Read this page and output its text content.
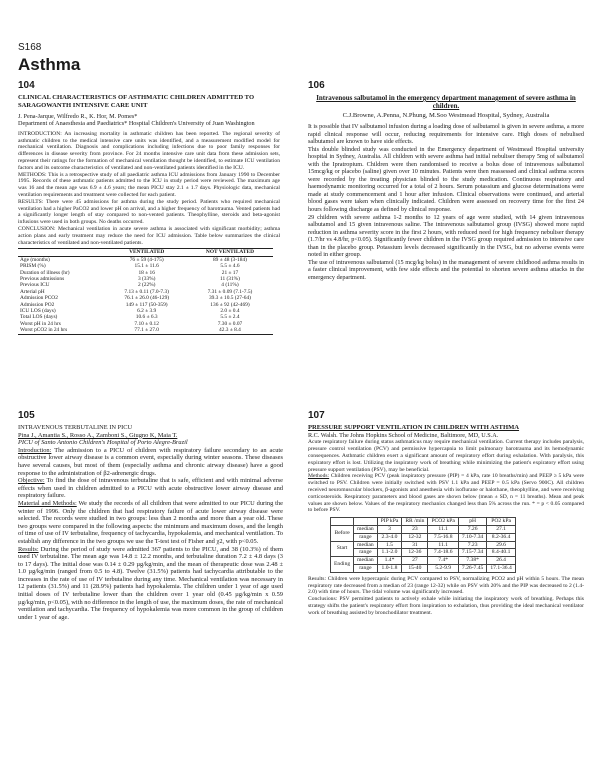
S168
Asthma
104
CLINICAL CHARACTERISTICS OF ASTHMATIC CHILDREN ADMITTED TO SARAGOWANTH INTENSIVE CARE UNIT
J. Pena-Jarque, Wilfredo R., K. Hor, M. Pomes*
Department of Anaesthesia and Paediatrics* Hospital Children's University of Juan Washington

INTRODUCTION: An increasing mortality in asthmatic children has been reported. The regional severity of asthmatic children to the medical intensive care units was identified, and a measurement modified model for mechanical ventilation. Diagnosis and complications including infections due to poor family responses for differences in disease severity from province. For 24 months intensive care unit data from these admission sets, represent their ratings for the formation of mechanical ventilation thought be identified, to estimate ICU ventilation factors and its outcome characteristics of ventilated and non-ventilated patients identified in the ICU.

METHODS: This is a retrospective study of all paediatric asthma ICU admissions from January 1990 to December 1995. Records of these asthmatic patients admitted to the ICU in study period were reviewed. The maximum age was 16 and the mean age was 6.9 ± 4.6 years; the mean PICU stay 2.1 ± 1.7 days. Physiologic data, mechanical ventilation requirements and treatment were collected for each patient.

RESULTS: There were 45 admissions for asthma during the study period. Patients who required mechanical ventilation had a higher PaCO2 and lower pH on arrival, and a higher frequency of barotrauma. Vented patients had a significantly longer length of stay compared to non-vented patients. Theophylline, steroids and beta-agonist infusions were used in both groups. No deaths occurred.

CONCLUSION: Mechanical ventilation in acute severe asthma is associated with significant morbidity; asthma action plans and early treatment may reduce the need for ICU admission. Table below summarizes the clinical characteristics of ventilated and non-ventilated patients.

	VENTILATED	NOT VENTILATED
Age (months)	76 ± 59 (4-175)	89 ± 48 (3-184)
PRISM (%)	15.1 ± 11.6	5.5 ± 4.6
Duration of illness (hr)	18 ± 16	21 ± 17
Previous admissions	3 (33%)	11 (31%)
Previous ICU	2 (22%)	4 (11%)
Arterial pH	7.13 ± 0.11 (7.0-7.3)	7.31 ± 0.09 (7.1-7.5)
Admission PCO2	76.1 ± 26.0 (46-129)	39.3 ± 10.5 (27-64)
Admission PO2	149 ± 117 (50-359)	136 ± 92 (42-469)
ICU LOS (days)	6.2 ± 3.9	2.0 ± 0.4
Total LOS (days)	10.6 ± 6.3	5.5 ± 2.4
Worst pH in 24 hrs	7.10 ± 0.12	7.30 ± 0.07
Worst pCO2 in 24 hrs	77.1 ± 27.0	42.3 ± 8.4
106
Intravenous salbutamol in the emergency department management of severe asthma in children.
C.J.Browne, A.Penna, N.Phung, M.Soo Westmead Hospital, Sydney, Australia

It is possible that IV salbutamol infusion during a loading dose of salbutamol is given in severe asthma, a more rapid clinical response will occur, reducing requirements for intensive care. High doses of nebulised salbutamol are known to have side effects.

This double blinded study was conducted in the Emergency department of Westmead Hospital university hospital in Sydney, Australia. All children with severe asthma had initial nebuliser therapy 5mg of salbutamol with the Ipratropium. Children were then randomised to receive a bolus dose of intravenous salbutamol 15mcg/kg or placebo (saline) given over 10 minutes. Patients were then reassessed and clinical asthma scores were recorded by the treating physician blinded to the study medication. Continuous respiratory and haemodynamic monitoring occurred for a total of 2 hours. Serum potassium and glucose determinations were made at study commencement and 1 hour after infusion. Clinical observations were continued, and arterial blood gases were taken when clinically indicated. Children were assessed on recovery time for the first 24 hours following discharge as defined by clinical response.

29 children with severe asthma 1-2 months to 12 years of age were studied, with 14 given intravenous salbutamol and 15 given intravenous saline. The intravenous salbutamol group (IVSG) showed more rapid reduction in asthma severity score in the first 2 hours, with reduced need for high frequency nebuliser therapy (1.7/hr vs 4.8/hr, p<0.05). Significantly fewer children in the IVSG group required admission to intensive care than in the placebo group. Potassium levels decreased significantly in the IVSG, but no adverse events were noted in either group.

The use of intravenous salbutamol (15 mcg/kg bolus) in the management of severe childhood asthma results in a faster clinical improvement, with few side effects and the potential to shorten severe asthma attacks in the emergency department.

105
INTRAVENOUS TERBUTALINE IN PICU
Pina J., Amantia S., Rosso A., Zamboni S., Giugno K, Maia T.
PICU of Santo Antonio Children's Hospital of Porto Alegre-Brazil

Introduction: The admission to a PICU of children with respiratory failure secondary to an acute obstructive lower airway disease is a common event, especially during winter seasons. These diseases have several causes, but most of them (especially asthma and chronic airway disease) have a good response to the administration of β2-adrenergic drugs.

Objective: To find the dose of intravenous terbutaline that is safe, efficient and with minimal adverse effects when used in children admitted to a PICU with acute obstructive lower airway disease and respiratory failure.

Material and Methods: We study the records of all children that were admitted to our PICU during the winter of 1996. Only the children that had respiratory failure of acute lower airway disease were selected. The records were studied in two groups: less than 2 months and more than a year old. These two groups were compared in the following aspects: the minimum and maximum doses, and the length of time of use of IV terbutaline, frequency of tachycardia, hypokalemia, and mechanical ventilation. To establish any difference in the two groups we use the T-test test of Fisher and χ2, with p<0.05.

Results: During the period of study were admitted 367 patients to the PICU, and 38 (10.3%) of them used IV terbutaline. The mean age was 14.8 ± 12.2 months, and terbutaline duration 7.2 ± 4.8 days (3 to 17 days). The initial dose was 0.14 ± 0.29 µg/kg/min, and the mean of therapeutic dose was 2.48 ± 1.0 µg/kg/min (ranged from 0.5 to 4.8). Twelve (31.5%) patients had tachycardia attributable to the increases in the rate of use of IV terbutaline during any time. Mechanical ventilation was necessary in 12 patients (31.5%) and 11 (28.9%) patients had hypokalemia. The children under 1 year of age used initial doses of IV terbutaline lower than the children over 1 year old (0.45 µg/kg/min x 0.59 µg/kg/min, p<0.05), with no difference in the length of use, the maximum doses, the rate of mechanical ventilation and tachycardia. The frequency of hypokalemia was more common in the group of children under 1 year of age.

107
PRESSURE SUPPORT VENTILATION IN CHILDREN WITH ASTHMA
R.C. Walsh. The Johns Hopkins School of Medicine, Baltimore, MD, U.S.A.

Acute respiratory failure during status asthmaticus may require mechanical ventilation. Current therapy includes paralysis, pressure control ventilation (PCV) and permissive hypercapnia to limit pulmonary barotrauma and its hemodynamic consequences. Asthmatic children exert a significant amount of respiratory effort during exhalation. With paralysis, this expiratory effort is lost. Utilizing the inspiratory work of breathing while minimizing the patient's expiratory effort using pressure support ventilation (PSV), may be beneficial.

Methods: Children receiving PCV (peak inspiratory pressure (PIP) = 4 kPa, rate 10 breaths/min) and PEEP ≥ 5 kPa were switched to PSV. Children were initially switched with PSV 1.1 kPa and PEEP = 0.5 kPa (Servo 900C). All children received neuromuscular blockers, β-agonists and anesthesia with isoflurane or halothane, theophylline, and were receiving corticosteroids. Respiratory parameters and blood gases are shown below (mean ± SD, n = 11 breaths). Mean and peak values are shown below. Values of the respiratory mechanics changed less than 5% across the run. * = p < 0.05 compared to before PSV.

		PIP kPa	RR /min	PCO2 kPa	pH	PO2 kPa
Before	median	3	23	11.1	7.26	27.1
	range	2.3-4.0	12-32	7.5-16.8	7.10-7.34	8.2-36.4
Start	median	1.5	31	11.1	7.23	29.6
	range	1.1-2.0	12-36	7.4-18.6	7.15-7.34	8.4-40.1
Ending	median	1.4*	27	7.4*	7.38*	26.4
	range	1.0-1.8	15-40	5.2-9.9	7.26-7.45	17.1-36.4

Results: Children were hypercapnic during PCV compared to PSV, normalizing PCO2 and pH within 5 hours. The mean respiratory rate decreased from a median of 23 (range 12-32) while on PSV with 20% and the PIP was decreased to 2 (1.4-2.0) with time of hours. The tidal volume was significantly increased.

Conclusions: PSV permitted patients to actively exhale while initiating the inspiratory work of breathing. Perhaps this strategy shifts the patient's respiratory effort from inspiration to exhalation, thus providing the ideal mechanical ventilator work of breathing assisted by bronchodilator treatment.
